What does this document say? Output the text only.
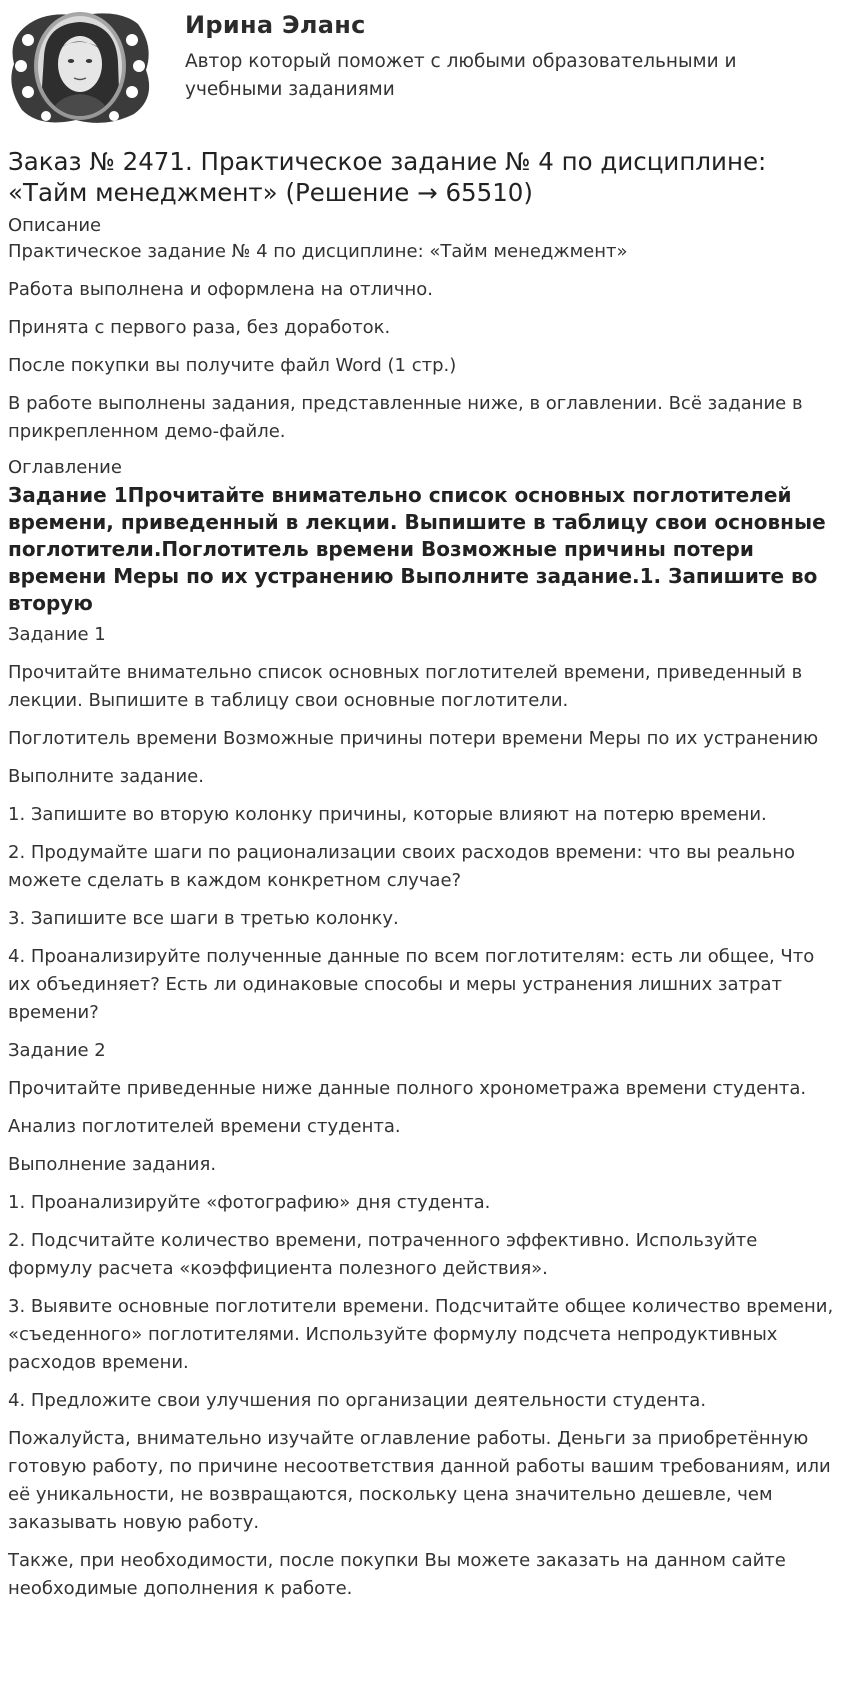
Ирина Эланс
Автор который поможет с любыми образовательными и учебными заданиями
Заказ № 2471. Практическое задание № 4 по дисциплине: «Тайм менеджмент» (Решение → 65510)
Описание

Практическое задание № 4 по дисциплине: «Тайм менеджмент»

Работа выполнена и оформлена на отлично.

Принята с первого раза, без доработок.

После покупки вы получите файл Word (1 стр.)

В работе выполнены задания, представленные ниже, в оглавлении. Всё задание в прикрепленном демо-файле.

Оглавление
Задание 1Прочитайте внимательно список основных поглотителей времени, приведенный в лекции. Выпишите в таблицу свои основные поглотители.Поглотитель времени Возможные причины потери времени Меры по их устранению Выполните задание.1. Запишите во вторую

Задание 1

Прочитайте внимательно список основных поглотителей времени, приведенный в лекции. Выпишите в таблицу свои основные поглотители.

Поглотитель времени Возможные причины потери времени Меры по их устранению

Выполните задание.

1. Запишите во вторую колонку причины, которые влияют на потерю времени.

2. Продумайте шаги по рационализации своих расходов времени: что вы реально можете сделать в каждом конкретном случае?

3. Запишите все шаги в третью колонку.

4. Проанализируйте полученные данные по всем поглотителям: есть ли общее, Что их объединяет? Есть ли одинаковые способы и меры устранения лишних затрат времени?

Задание 2

Прочитайте приведенные ниже данные полного хронометража времени студента.

Анализ поглотителей времени студента.

Выполнение задания.

1. Проанализируйте «фотографию» дня студента.

2. Подсчитайте количество времени, потраченного эффективно. Используйте формулу расчета «коэффициента полезного действия».

3. Выявите основные поглотители времени. Подсчитайте общее количество времени, «съеденного» поглотителями. Используйте формулу подсчета непродуктивных расходов времени.

4. Предложите свои улучшения по организации деятельности студента.

Пожалуйста, внимательно изучайте оглавление работы. Деньги за приобретённую готовую работу, по причине несоответствия данной работы вашим требованиям, или её уникальности, не возвращаются, поскольку цена значительно дешевле, чем заказывать новую работу.

Также, при необходимости, после покупки Вы можете заказать на данном сайте необходимые дополнения к работе.
